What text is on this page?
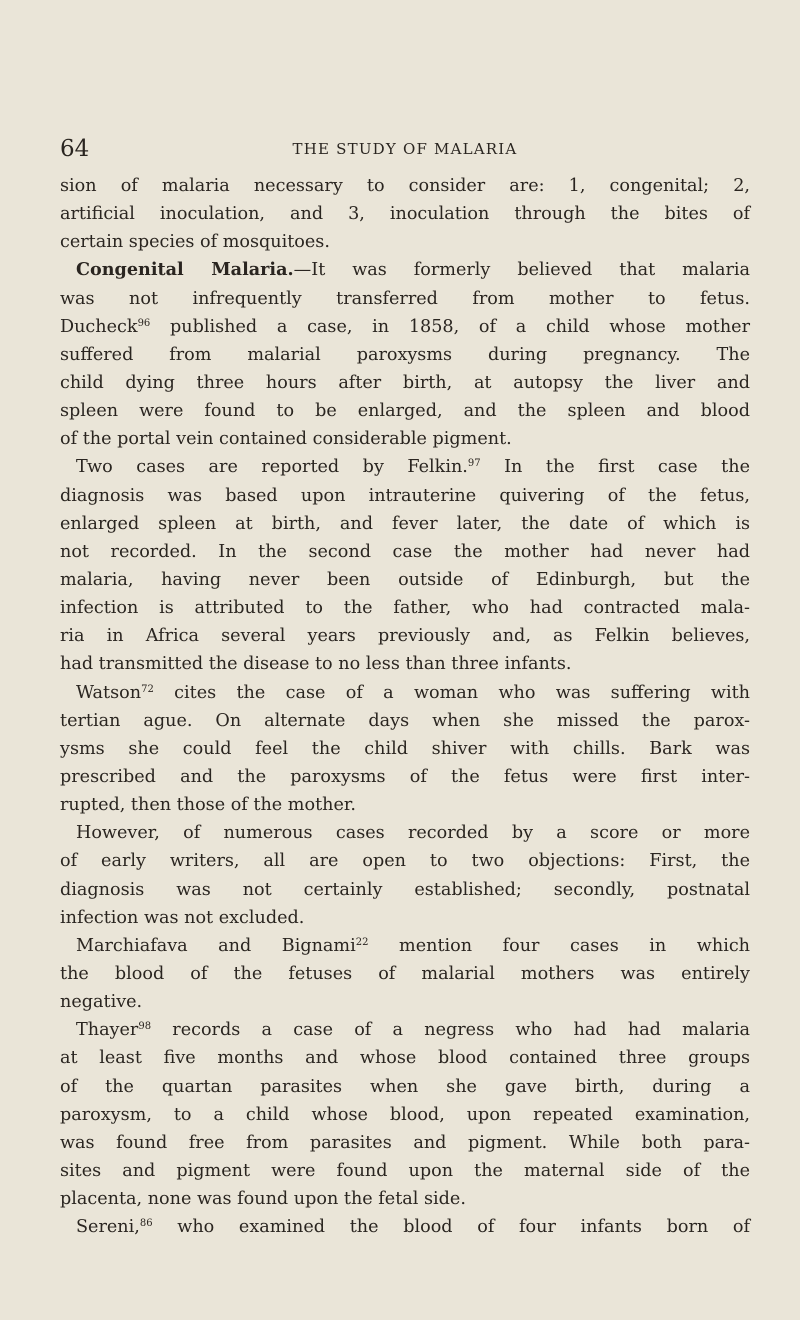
64	THE STUDY OF MALARIA
sion of malaria necessary to consider are: 1, congenital; 2,
artificial inoculation, and 3, inoculation through the bites of
certain species of mosquitoes.
Congenital Malaria.—It was formerly believed that malaria
was not infrequently transferred from mother to fetus.
Ducheck$^{96}$ published a case, in 1858, of a child whose mother
suffered from malarial paroxysms during pregnancy. The
child dying three hours after birth, at autopsy the liver and
spleen were found to be enlarged, and the spleen and blood
of the portal vein contained considerable pigment.
Two cases are reported by Felkin.$^{97}$ In the first case the
diagnosis was based upon intrauterine quivering of the fetus,
enlarged spleen at birth, and fever later, the date of which is
not recorded. In the second case the mother had never had
malaria, having never been outside of Edinburgh, but the
infection is attributed to the father, who had contracted mala-
ria in Africa several years previously and, as Felkin believes,
had transmitted the disease to no less than three infants.
Watson$^{72}$ cites the case of a woman who was suffering with
tertian ague. On alternate days when she missed the parox-
ysms she could feel the child shiver with chills. Bark was
prescribed and the paroxysms of the fetus were first inter-
rupted, then those of the mother.
However, of numerous cases recorded by a score or more
of early writers, all are open to two objections: First, the
diagnosis was not certainly established; secondly, postnatal
infection was not excluded.
Marchiafava and Bignami$^{22}$ mention four cases in which
the blood of the fetuses of malarial mothers was entirely
negative.
Thayer$^{98}$ records a case of a negress who had had malaria
at least five months and whose blood contained three groups
of the quartan parasites when she gave birth, during a
paroxysm, to a child whose blood, upon repeated examination,
was found free from parasites and pigment. While both para-
sites and pigment were found upon the maternal side of the
placenta, none was found upon the fetal side.
Sereni,$^{86}$ who examined the blood of four infants born of
